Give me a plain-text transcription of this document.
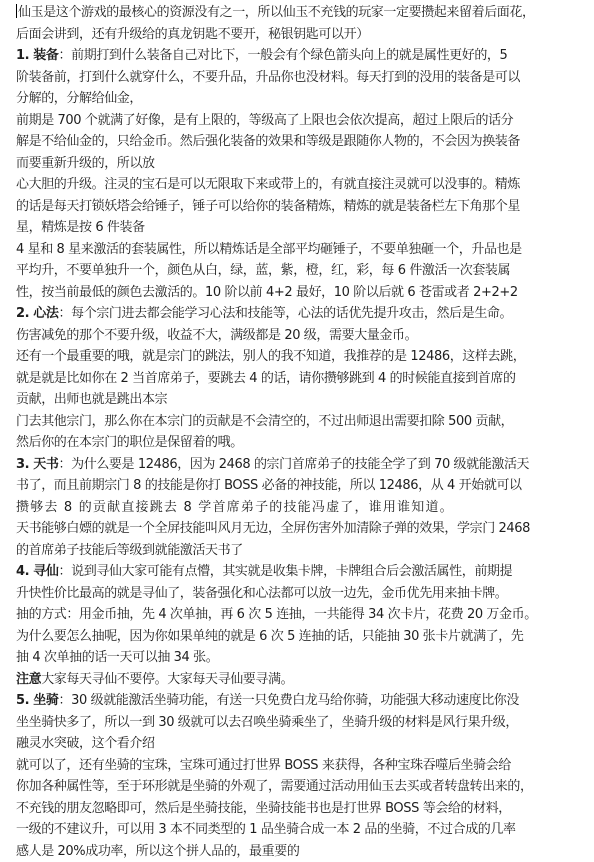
仙玉是这个游戏的最核心的资源没有之一，所以仙玉不充钱的玩家一定要攒起来留着后面花，
后面会讲到，还有升级给的真龙钥匙不要开，秘银钥匙可以开）
1. 装备：前期打到什么装备自己对比下，一般会有个绿色箭头向上的就是属性更好的，5
阶装备前，打到什么就穿什么，不要升品，升品你也没材料。每天打到的没用的装备是可以
分解的，分解给仙金，
前期是 700 个就满了好像，是有上限的，等级高了上限也会依次提高，超过上限后的话分
解是不给仙金的，只给金币。然后强化装备的效果和等级是跟随你人物的，不会因为换装备
而要重新升级的，所以放
心大胆的升级。注灵的宝石是可以无限取下来或带上的，有就直接注灵就可以没事的。精炼
的话是每天打锁妖塔会给锤子，锤子可以给你的装备精炼，精炼的就是装备栏左下角那个星
星，精炼是按 6 件装备
4 星和 8 星来激活的套装属性，所以精炼话是全部平均砸锤子，不要单独砸一个，升品也是
平均升，不要单独升一个，颜色从白，绿，蓝，紫，橙，红，彩，每 6 件激活一次套装属
性，按当前最低的颜色去激活的。10 阶以前 4+2 最好，10 阶以后就 6 苍雷或者 2+2+2
2. 心法：每个宗门进去都会能学习心法和技能等，心法的话优先提升攻击，然后是生命。
伤害减免的那个不要升级，收益不大，满级都是 20 级，需要大量金币。
还有一个最重要的哦，就是宗门的跳法，别人的我不知道，我推荐的是 12486，这样去跳，
就是就是比如你在 2 当首席弟子，要跳去 4 的话，请你攒够跳到 4 的时候能直接到首席的
贡献，出师也就是跳出本宗
门去其他宗门，那么你在本宗门的贡献是不会清空的，不过出师退出需要扣除 500 贡献，
然后你的在本宗门的职位是保留着的哦。
3. 天书：为什么要是 12486，因为 2468 的宗门首席弟子的技能全学了到 70 级就能激活天
书了，而且前期宗门 8 的技能是你打 BOSS 必备的神技能，所以 12486，从 4 开始就可以
攒够去 8 的贡献直接跳去 8 学首席弟子的技能冯虚了，谁用谁知道。
天书能够白嫖的就是一个全屏技能叫风月无边，全屏伤害外加清除子弹的效果，学宗门 2468
的首席弟子技能后等级到就能激活天书了
4. 寻仙：说到寻仙大家可能有点懵，其实就是收集卡牌，卡牌组合后会激活属性，前期提
升快性价比最高的就是寻仙了，装备强化和心法都可以放一边先，金币优先用来抽卡牌。
抽的方式：用金币抽，先 4 次单抽，再 6 次 5 连抽，一共能得 34 次卡片，花费 20 万金币。
为什么要怎么抽呢，因为你如果单纯的就是 6 次 5 连抽的话，只能抽 30 张卡片就满了，先
抽 4 次单抽的话一天可以抽 34 张。
注意大家每天寻仙不要停。大家每天寻仙要寻满。
5. 坐骑：30 级就能激活坐骑功能，有送一只免费白龙马给你骑，功能强大移动速度比你没
坐坐骑快多了，所以一到 30 级就可以去召唤坐骑乘坐了，坐骑升级的材料是风行果升级，
融灵水突破，这个看介绍
就可以了，还有坐骑的宝珠，宝珠可通过打世界 BOSS 来获得，各种宝珠吞噬后坐骑会给
你加各种属性等，至于环形就是坐骑的外观了，需要通过活动用仙玉去买或者转盘转出来的，
不充钱的朋友忽略即可，然后是坐骑技能，坐骑技能书也是打世界 BOSS 等会给的材料，
一级的不建议升，可以用 3 本不同类型的 1 品坐骑合成一本 2 品的坐骑，不过合成的几率
感人是 20%成功率，所以这个拼人品的，最重要的
